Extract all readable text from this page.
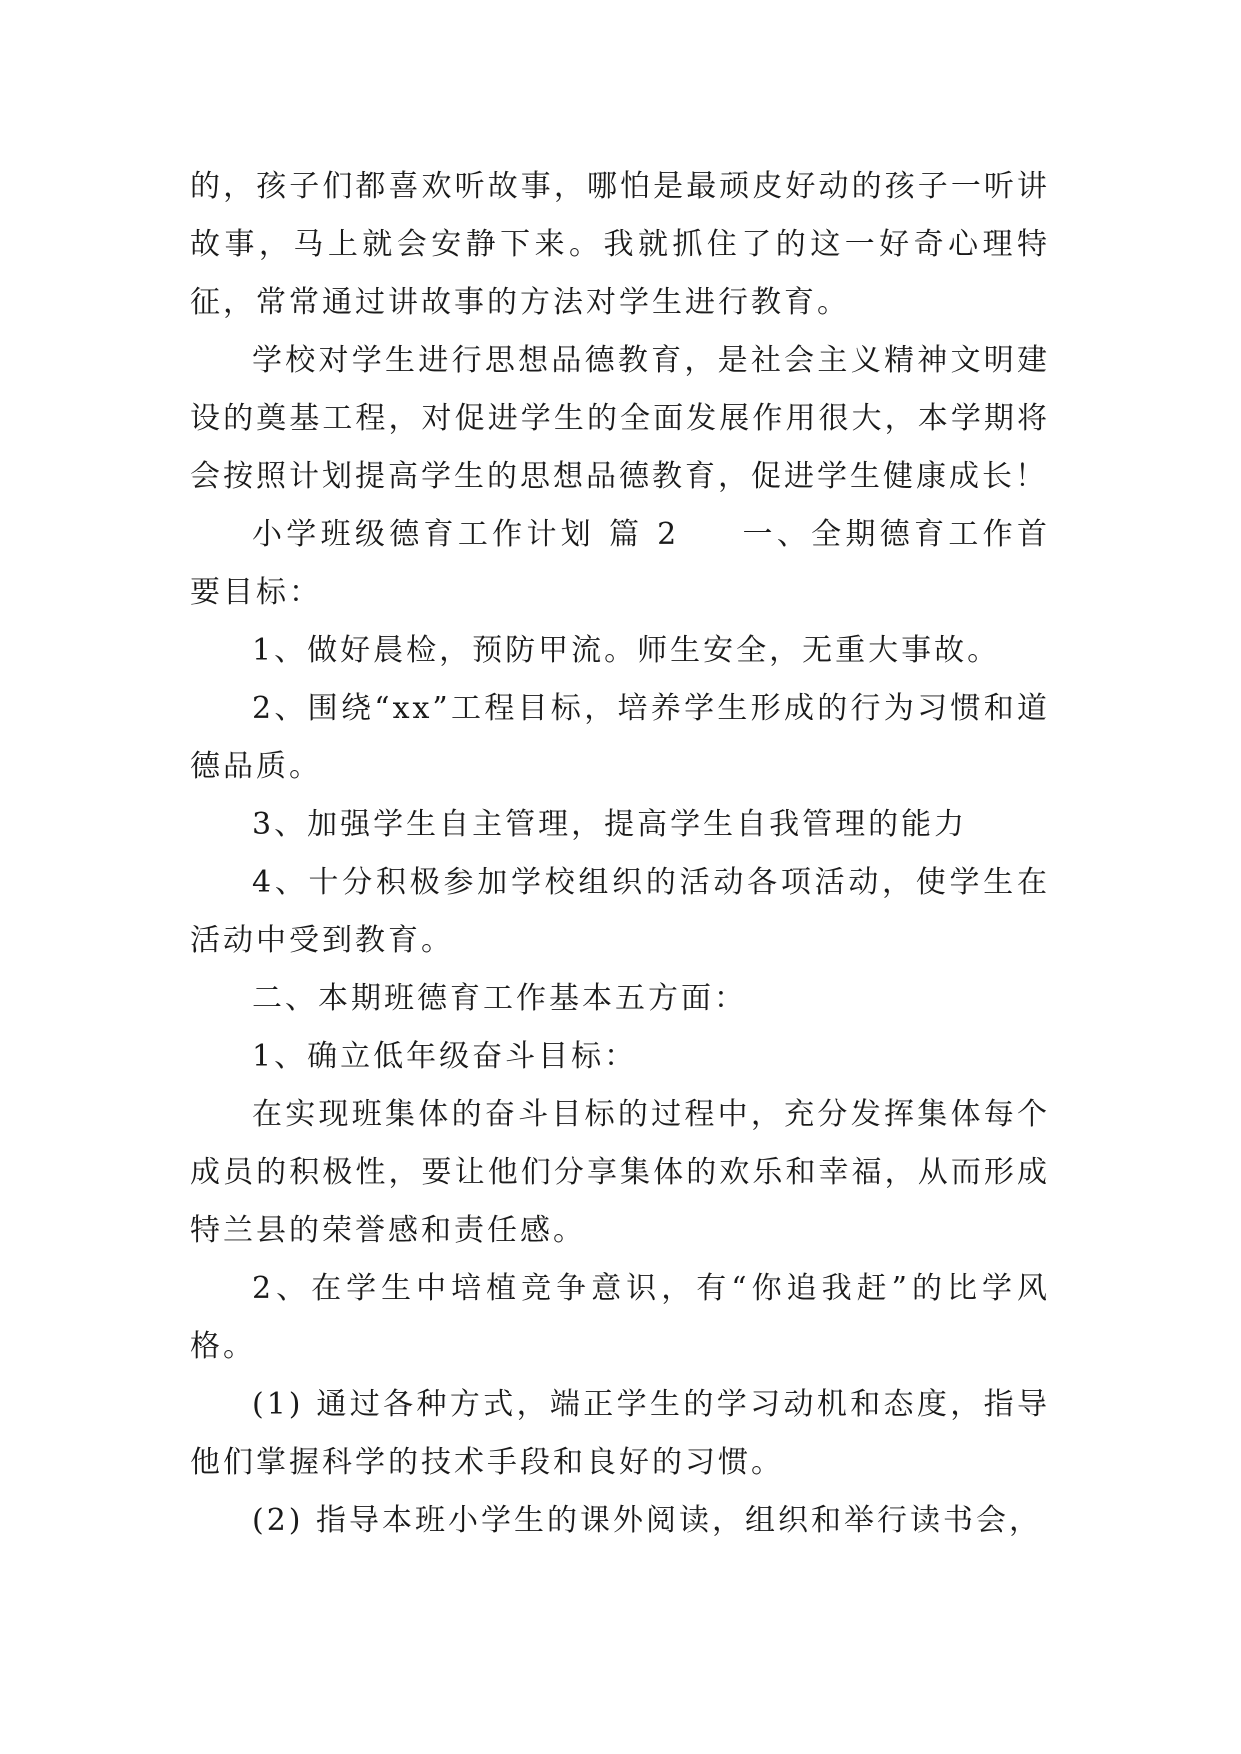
的，孩子们都喜欢听故事，哪怕是最顽皮好动的孩子一听讲故事，马上就会安静下来。我就抓住了的这一好奇心理特征，常常通过讲故事的方法对学生进行教育。

学校对学生进行思想品德教育，是社会主义精神文明建设的奠基工程，对促进学生的全面发展作用很大，本学期将会按照计划提高学生的思想品德教育，促进学生健康成长！

小学班级德育工作计划 篇 2 一、全期德育工作首要目标：

1、做好晨检，预防甲流。师生安全，无重大事故。

2、围绕“xx”工程目标，培养学生形成的行为习惯和道德品质。

3、加强学生自主管理，提高学生自我管理的能力

4、十分积极参加学校组织的活动各项活动，使学生在活动中受到教育。

二、本期班德育工作基本五方面：

1、确立低年级奋斗目标：

在实现班集体的奋斗目标的过程中，充分发挥集体每个成员的积极性，要让他们分享集体的欢乐和幸福，从而形成特兰县的荣誉感和责任感。

2、在学生中培植竞争意识，有“你追我赶”的比学风格。

(1) 通过各种方式，端正学生的学习动机和态度，指导他们掌握科学的技术手段和良好的习惯。

(2) 指导本班小学生的课外阅读，组织和举行读书会，
